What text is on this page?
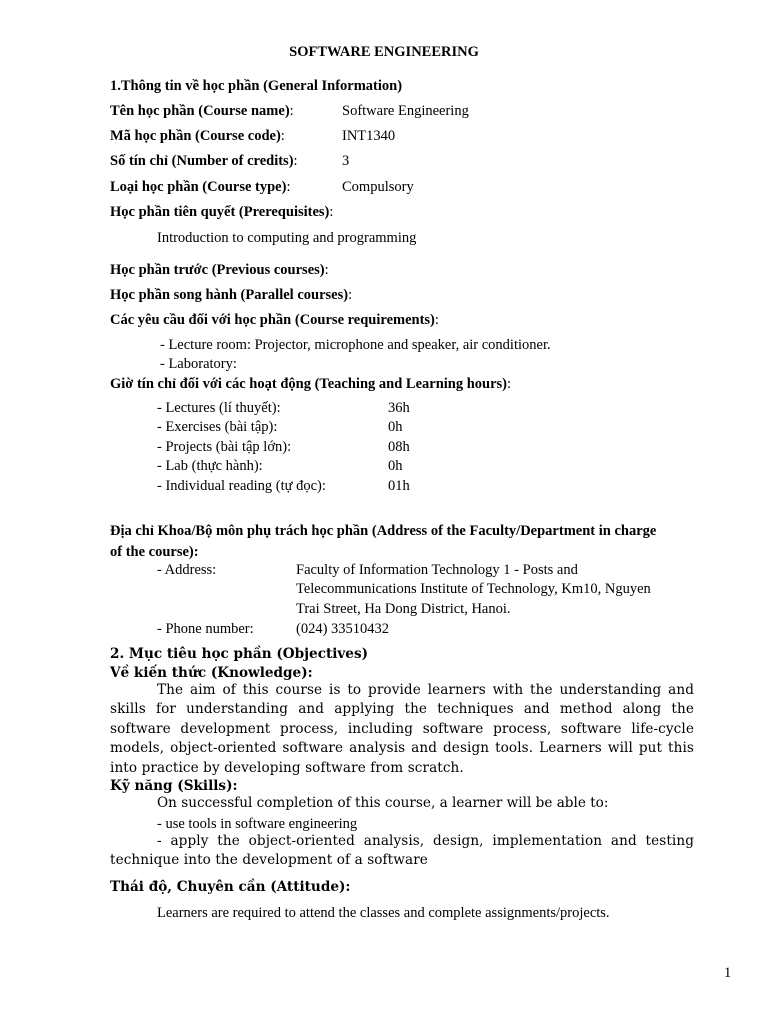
SOFTWARE ENGINEERING
1.Thông tin về học phần (General Information)
Tên học phần (Course name):	Software Engineering
Mã học phần (Course code):	INT1340
Số tín chỉ (Number of credits):	3
Loại học phần (Course type):	Compulsory
Học phần tiên quyết (Prerequisites):
Introduction to computing and programming
Học phần trước (Previous courses):
Học phần song hành (Parallel courses):
Các yêu cầu đối với học phần (Course requirements):
- Lecture room: Projector, microphone and speaker, air conditioner.
- Laboratory:
Giờ tín chỉ đối với các hoạt động (Teaching and Learning hours):
- Lectures (lí thuyết):	36h
- Exercises (bài tập):	0h
- Projects (bài tập lớn):	08h
- Lab (thực hành):	0h
- Individual reading (tự đọc):	01h
Địa chỉ Khoa/Bộ môn phụ trách học phần (Address of the Faculty/Department in charge
of the course):
- Address:	Faculty of Information Technology 1 - Posts and
Telecommunications Institute of Technology, Km10, Nguyen
Trai Street, Ha Dong District, Hanoi.
- Phone number:	(024) 33510432
2. Mục tiêu học phần (Objectives)
Về kiến thức (Knowledge):
The aim of this course is to provide learners with the understanding and skills for understanding and applying the techniques and method along the software development process, including software process, software life-cycle models, object-oriented software analysis and design tools. Learners will put this into practice by developing software from scratch.
Kỹ năng (Skills):
On successful completion of this course, a learner will be able to:
- use tools in software engineering
- apply the object-oriented analysis, design, implementation and testing technique into the development of a software
Thái độ, Chuyên cần (Attitude):
Learners are required to attend the classes and complete assignments/projects.
1
